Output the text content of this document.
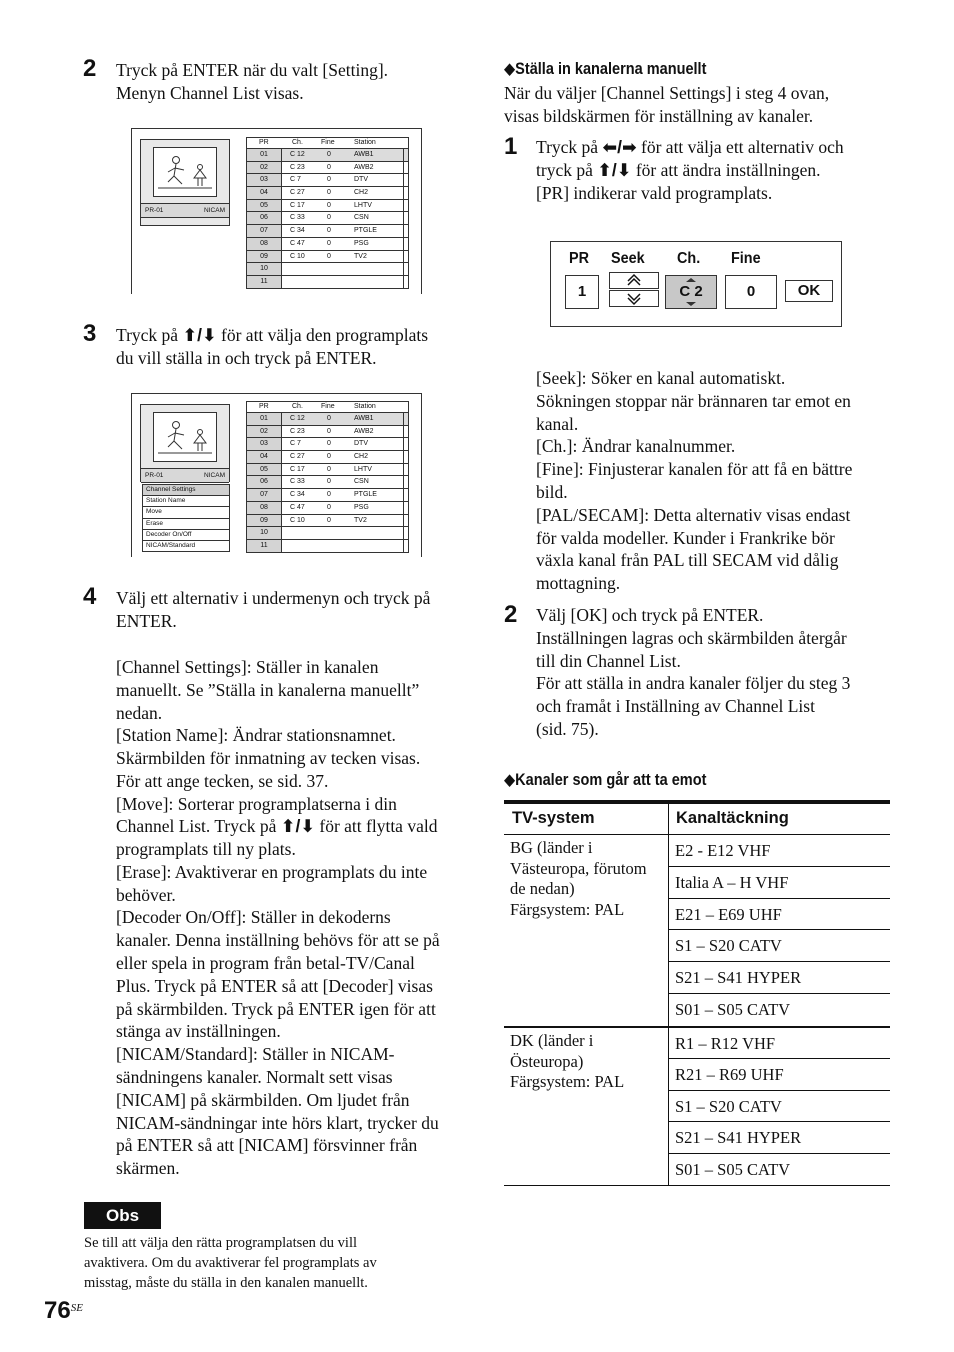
2 Tryck på ENTER när du valt [Setting].
Menyn Channel List visas.
PR-01	NICAM
PR	Ch.	Fine	Station
01	C 12	0	AWB1
02	C 23	0	AWB2
03	C 7	0	DTV
04	C 27	0	CH2
05	C 17	0	LHTV
06	C 33	0	CSN
07	C 34	0	PTGLE
08	C 47	0	PSG
09	C 10	0	TV2
10
11
3 Tryck på ⬆/⬇ för att välja den programplats
du vill ställa in och tryck på ENTER.
PR-01	NICAM
Channel Settings
Station Name
Move
Erase
Decoder On/Off
NICAM/Standard
PR	Ch.	Fine	Station
01	C 12	0	AWB1
02	C 23	0	AWB2
03	C 7	0	DTV
04	C 27	0	CH2
05	C 17	0	LHTV
06	C 33	0	CSN
07	C 34	0	PTGLE
08	C 47	0	PSG
09	C 10	0	TV2
10
11
4 Välj ett alternativ i undermenyn och tryck på
ENTER.
[Channel Settings]: Ställer in kanalen
manuellt. Se ”Ställa in kanalerna manuellt”
nedan.
[Station Name]: Ändrar stationsnamnet.
Skärmbilden för inmatning av tecken visas.
För att ange tecken, se sid. 37.
[Move]: Sorterar programplatserna i din
Channel List. Tryck på ⬆/⬇ för att flytta vald
programplats till ny plats.
[Erase]: Avaktiverar en programplats du inte
behöver.
[Decoder On/Off]: Ställer in dekoderns
kanaler. Denna inställning behövs för att se på
eller spela in program från betal-TV/Canal
Plus. Tryck på ENTER så att [Decoder] visas
på skärmbilden. Tryck på ENTER igen för att
stänga av inställningen.
[NICAM/Standard]: Ställer in NICAM-
sändningens kanaler. Normalt sett visas
[NICAM] på skärmbilden. Om ljudet från
NICAM-sändningar inte hörs klart, trycker du
på ENTER så att [NICAM] försvinner från
skärmen.
Obs
Se till att välja den rätta programplatsen du vill
avaktivera. Om du avaktiverar fel programplats av
misstag, måste du ställa in den kanalen manuellt.
$76^{SE}$
◆Ställa in kanalerna manuellt
När du väljer [Channel Settings] i steg 4 ovan,
visas bildskärmen för inställning av kanaler.
1 Tryck på ⬅/➡ för att välja ett alternativ och
tryck på ⬆/⬇ för att ändra inställningen.
[PR] indikerar vald programplats.
PR Seek Ch. Fine
1	C 2	0	OK
[Seek]: Söker en kanal automatiskt.
Sökningen stoppar när brännaren tar emot en
kanal.
[Ch.]: Ändrar kanalnummer.
[Fine]: Finjusterar kanalen för att få en bättre
bild.
[PAL/SECAM]: Detta alternativ visas endast
för valda modeller. Kunder i Frankrike bör
växla kanal från PAL till SECAM vid dålig
mottagning.
2 Välj [OK] och tryck på ENTER.
Inställningen lagras och skärmbilden återgår
till din Channel List.
För att ställa in andra kanaler följer du steg 3
och framåt i Inställning av Channel List
(sid. 75).
◆Kanaler som går att ta emot
TV-system	Kanaltäckning
BG (länder i
Västeuropa, förutom
de nedan)
Färgsystem: PAL
E2 - E12 VHF
Italia A – H VHF
E21 – E69 UHF
S1 – S20 CATV
S21 – S41 HYPER
S01 – S05 CATV
DK (länder i
Östeuropa)
Färgsystem: PAL
R1 – R12 VHF
R21 – R69 UHF
S1 – S20 CATV
S21 – S41 HYPER
S01 – S05 CATV
